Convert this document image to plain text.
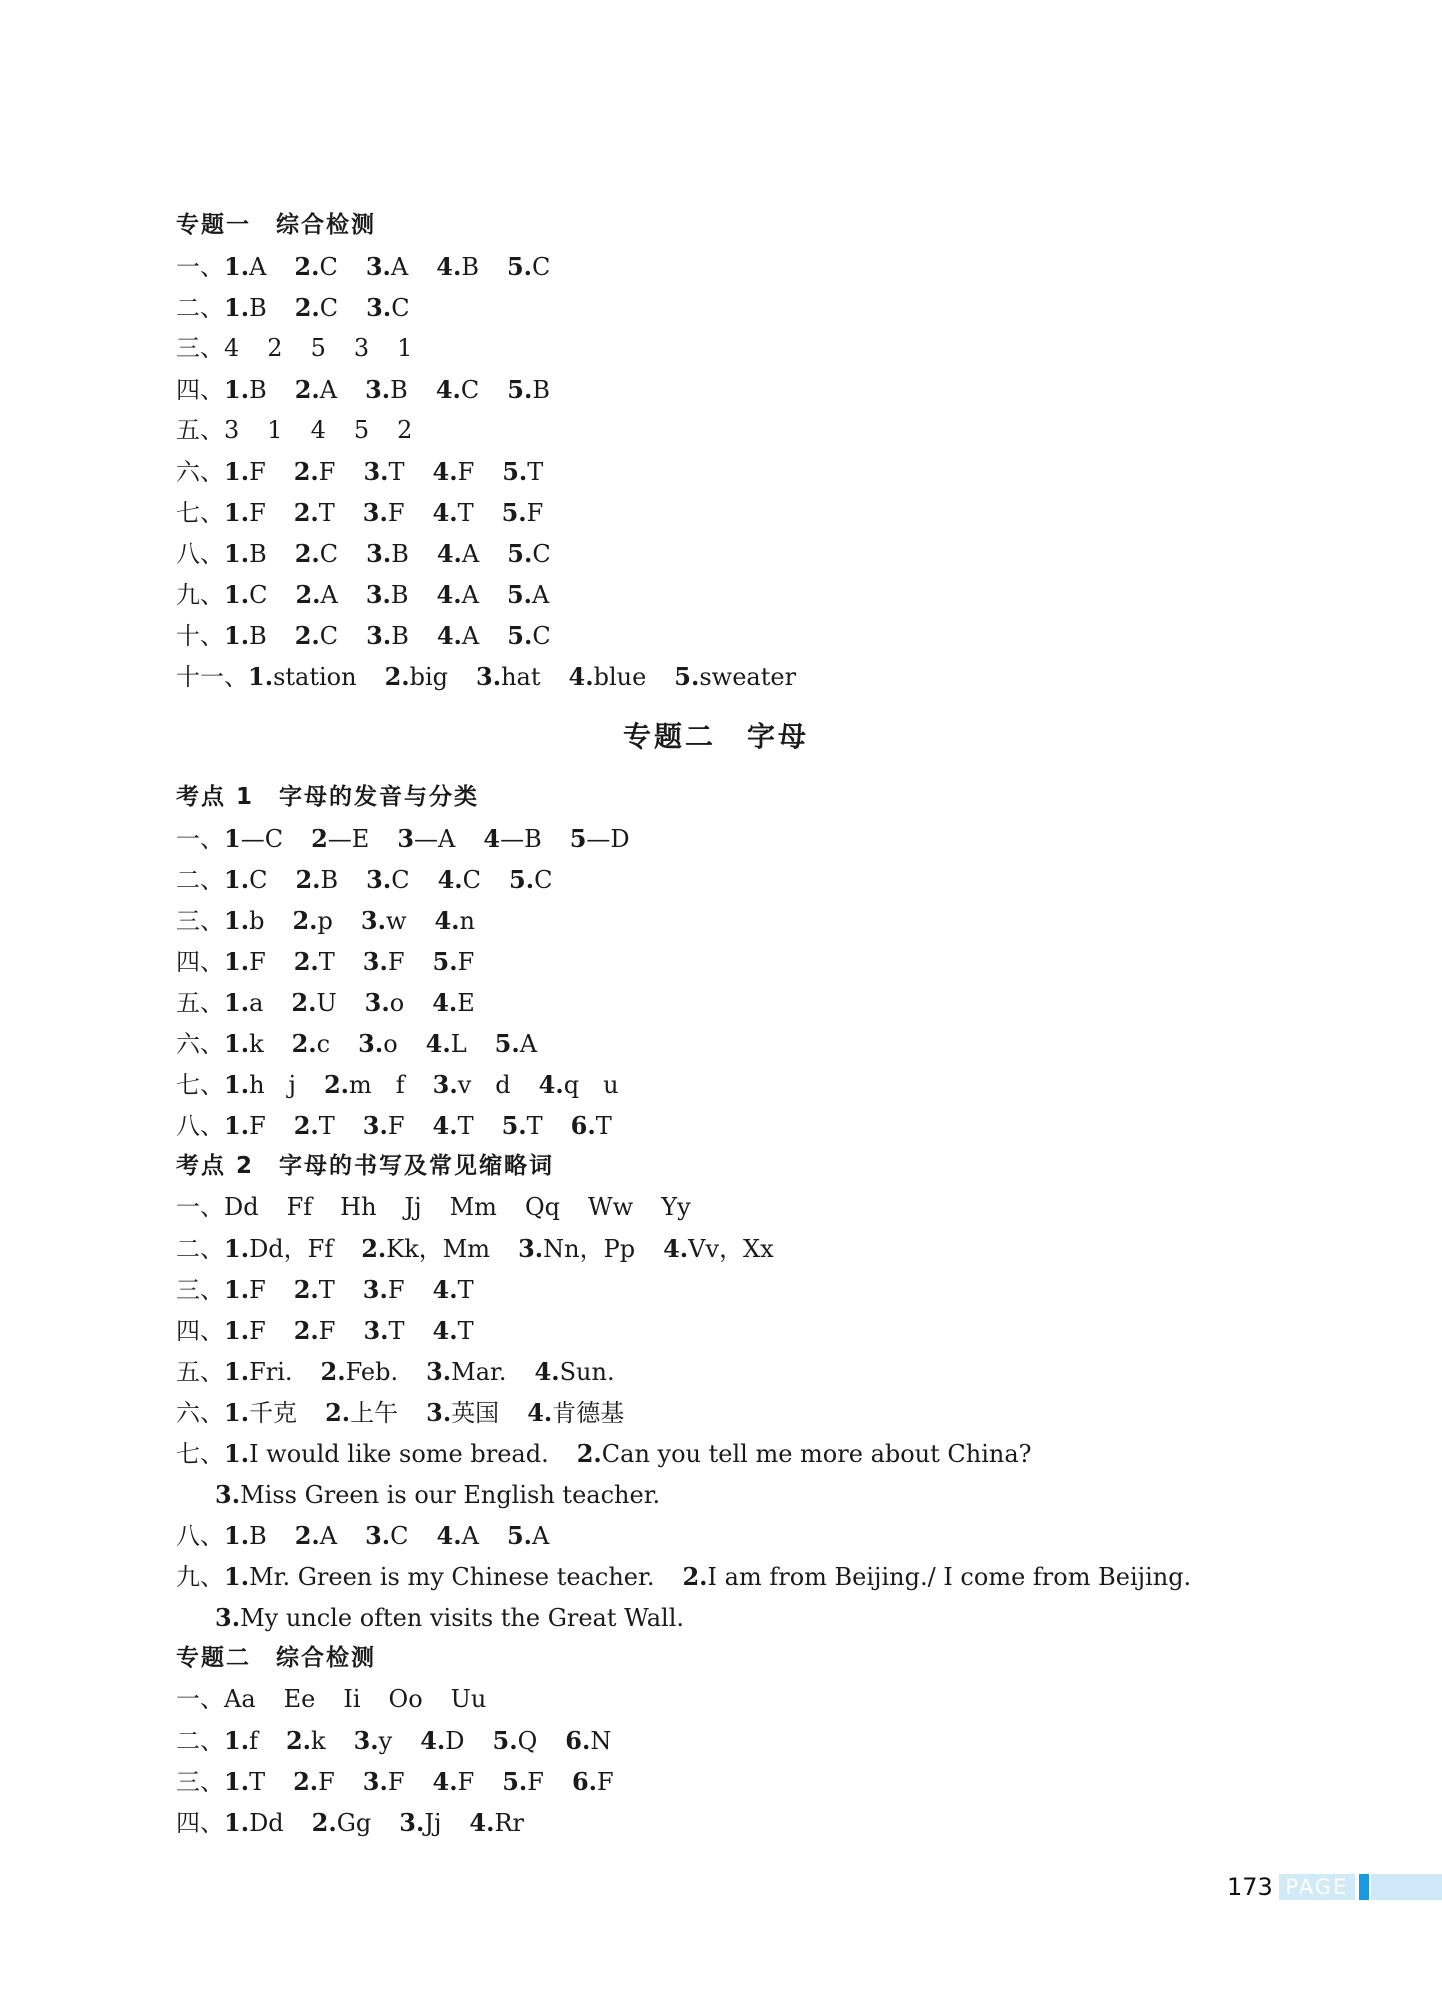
专题一　综合检测
一、1.A 2.C 3.A 4.B 5.C
二、1.B 2.C 3.C
三、4 2 5 3 1
四、1.B 2.A 3.B 4.C 5.B
五、3 1 4 5 2
六、1.F 2.F 3.T 4.F 5.T
七、1.F 2.T 3.F 4.T 5.F
八、1.B 2.C 3.B 4.A 5.C
九、1.C 2.A 3.B 4.A 5.A
十、1.B 2.C 3.B 4.A 5.C
十一、1.station 2.big 3.hat 4.blue 5.sweater
专题二　字母
考点 1　字母的发音与分类
一、1—C 2—E 3—A 4—B 5—D
二、1.C 2.B 3.C 4.C 5.C
三、1.b 2.p 3.w 4.n
四、1.F 2.T 3.F 5.F
五、1.a 2.U 3.o 4.E
六、1.k 2.c 3.o 4.L 5.A
七、1.h　j 2.m　f 3.v　d 4.q　u
八、1.F 2.T 3.F 4.T 5.T 6.T
考点 2　字母的书写及常见缩略词
一、Dd Ff Hh Jj Mm Qq Ww Yy
二、1.Dd，Ff 2.Kk，Mm 3.Nn，Pp 4.Vv，Xx
三、1.F 2.T 3.F 4.T
四、1.F 2.F 3.T 4.T
五、1.Fri. 2.Feb. 3.Mar. 4.Sun.
六、1.千克 2.上午 3.英国 4.肯德基
七、1.I would like some bread. 2.Can you tell me more about China?
3.Miss Green is our English teacher.
八、1.B 2.A 3.C 4.A 5.A
九、1.Mr. Green is my Chinese teacher. 2.I am from Beijing./ I come from Beijing.
3.My uncle often visits the Great Wall.
专题二　综合检测
一、Aa Ee Ii Oo Uu
二、1.f 2.k 3.y 4.D 5.Q 6.N
三、1.T 2.F 3.F 4.F 5.F 6.F
四、1.Dd 2.Gg 3.Jj 4.Rr
173 PAGE
